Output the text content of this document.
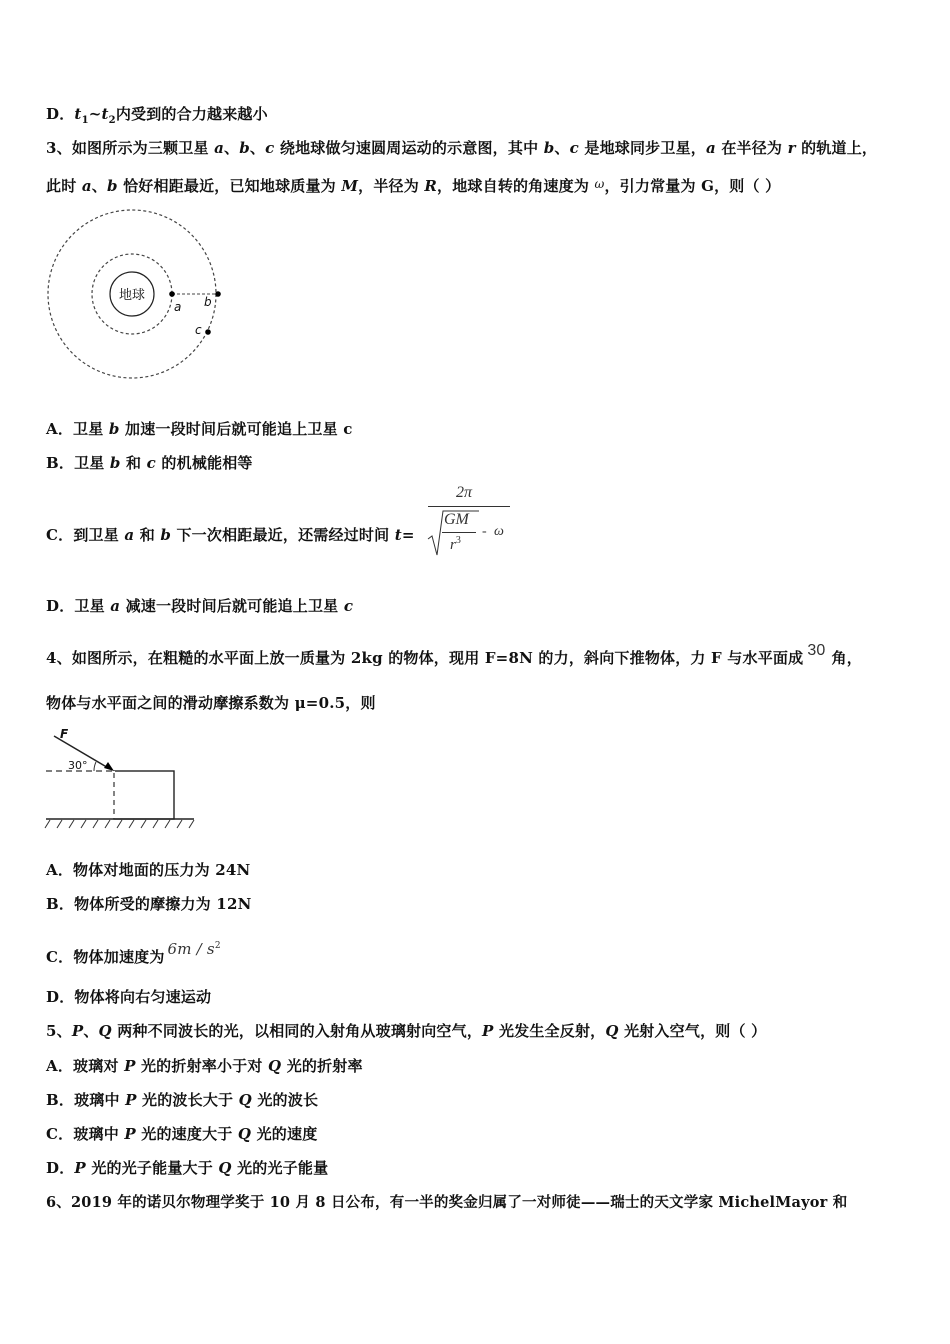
D．$t_1\sim t_2$内受到的合力越来越小
3、如图所示为三颗卫星 a、b、c 绕地球做匀速圆周运动的示意图，其中 b、c 是地球同步卫星，a 在半径为 r 的轨道上，
此时 a、b 恰好相距最近，已知地球质量为 M，半径为 R，地球自转的角速度为 $^\omega$，引力常量为 G，则（ ）
地球
a b
c
A．卫星 b 加速一段时间后就可能追上卫星 c
B．卫星 b 和 c 的机械能相等
C．到卫星 a 和 b 下一次相距最近，还需经过时间 t=
2π
GM
$r^3$
- ω
D．卫星 a 减速一段时间后就可能追上卫星 c
4、如图所示，在粗糙的水平面上放一质量为 2kg 的物体，现用 F=8N 的力，斜向下推物体，力 F 与水平面成 30 角，
物体与水平面之间的滑动摩擦系数为 μ=0.5，则
F
30°
A．物体对地面的压力为 24N
B．物体所受的摩擦力为 12N
C．物体加速度为 $6m / s^2$
D．物体将向右匀速运动
5、P、Q 两种不同波长的光，以相同的入射角从玻璃射向空气，P 光发生全反射，Q 光射入空气，则（ ）
A．玻璃对 P 光的折射率小于对 Q 光的折射率
B．玻璃中 P 光的波长大于 Q 光的波长
C．玻璃中 P 光的速度大于 Q 光的速度
D．P 光的光子能量大于 Q 光的光子能量
6、2019 年的诺贝尔物理学奖于 10 月 8 日公布，有一半的奖金归属了一对师徒——瑞士的天文学家 MichelMayor 和
